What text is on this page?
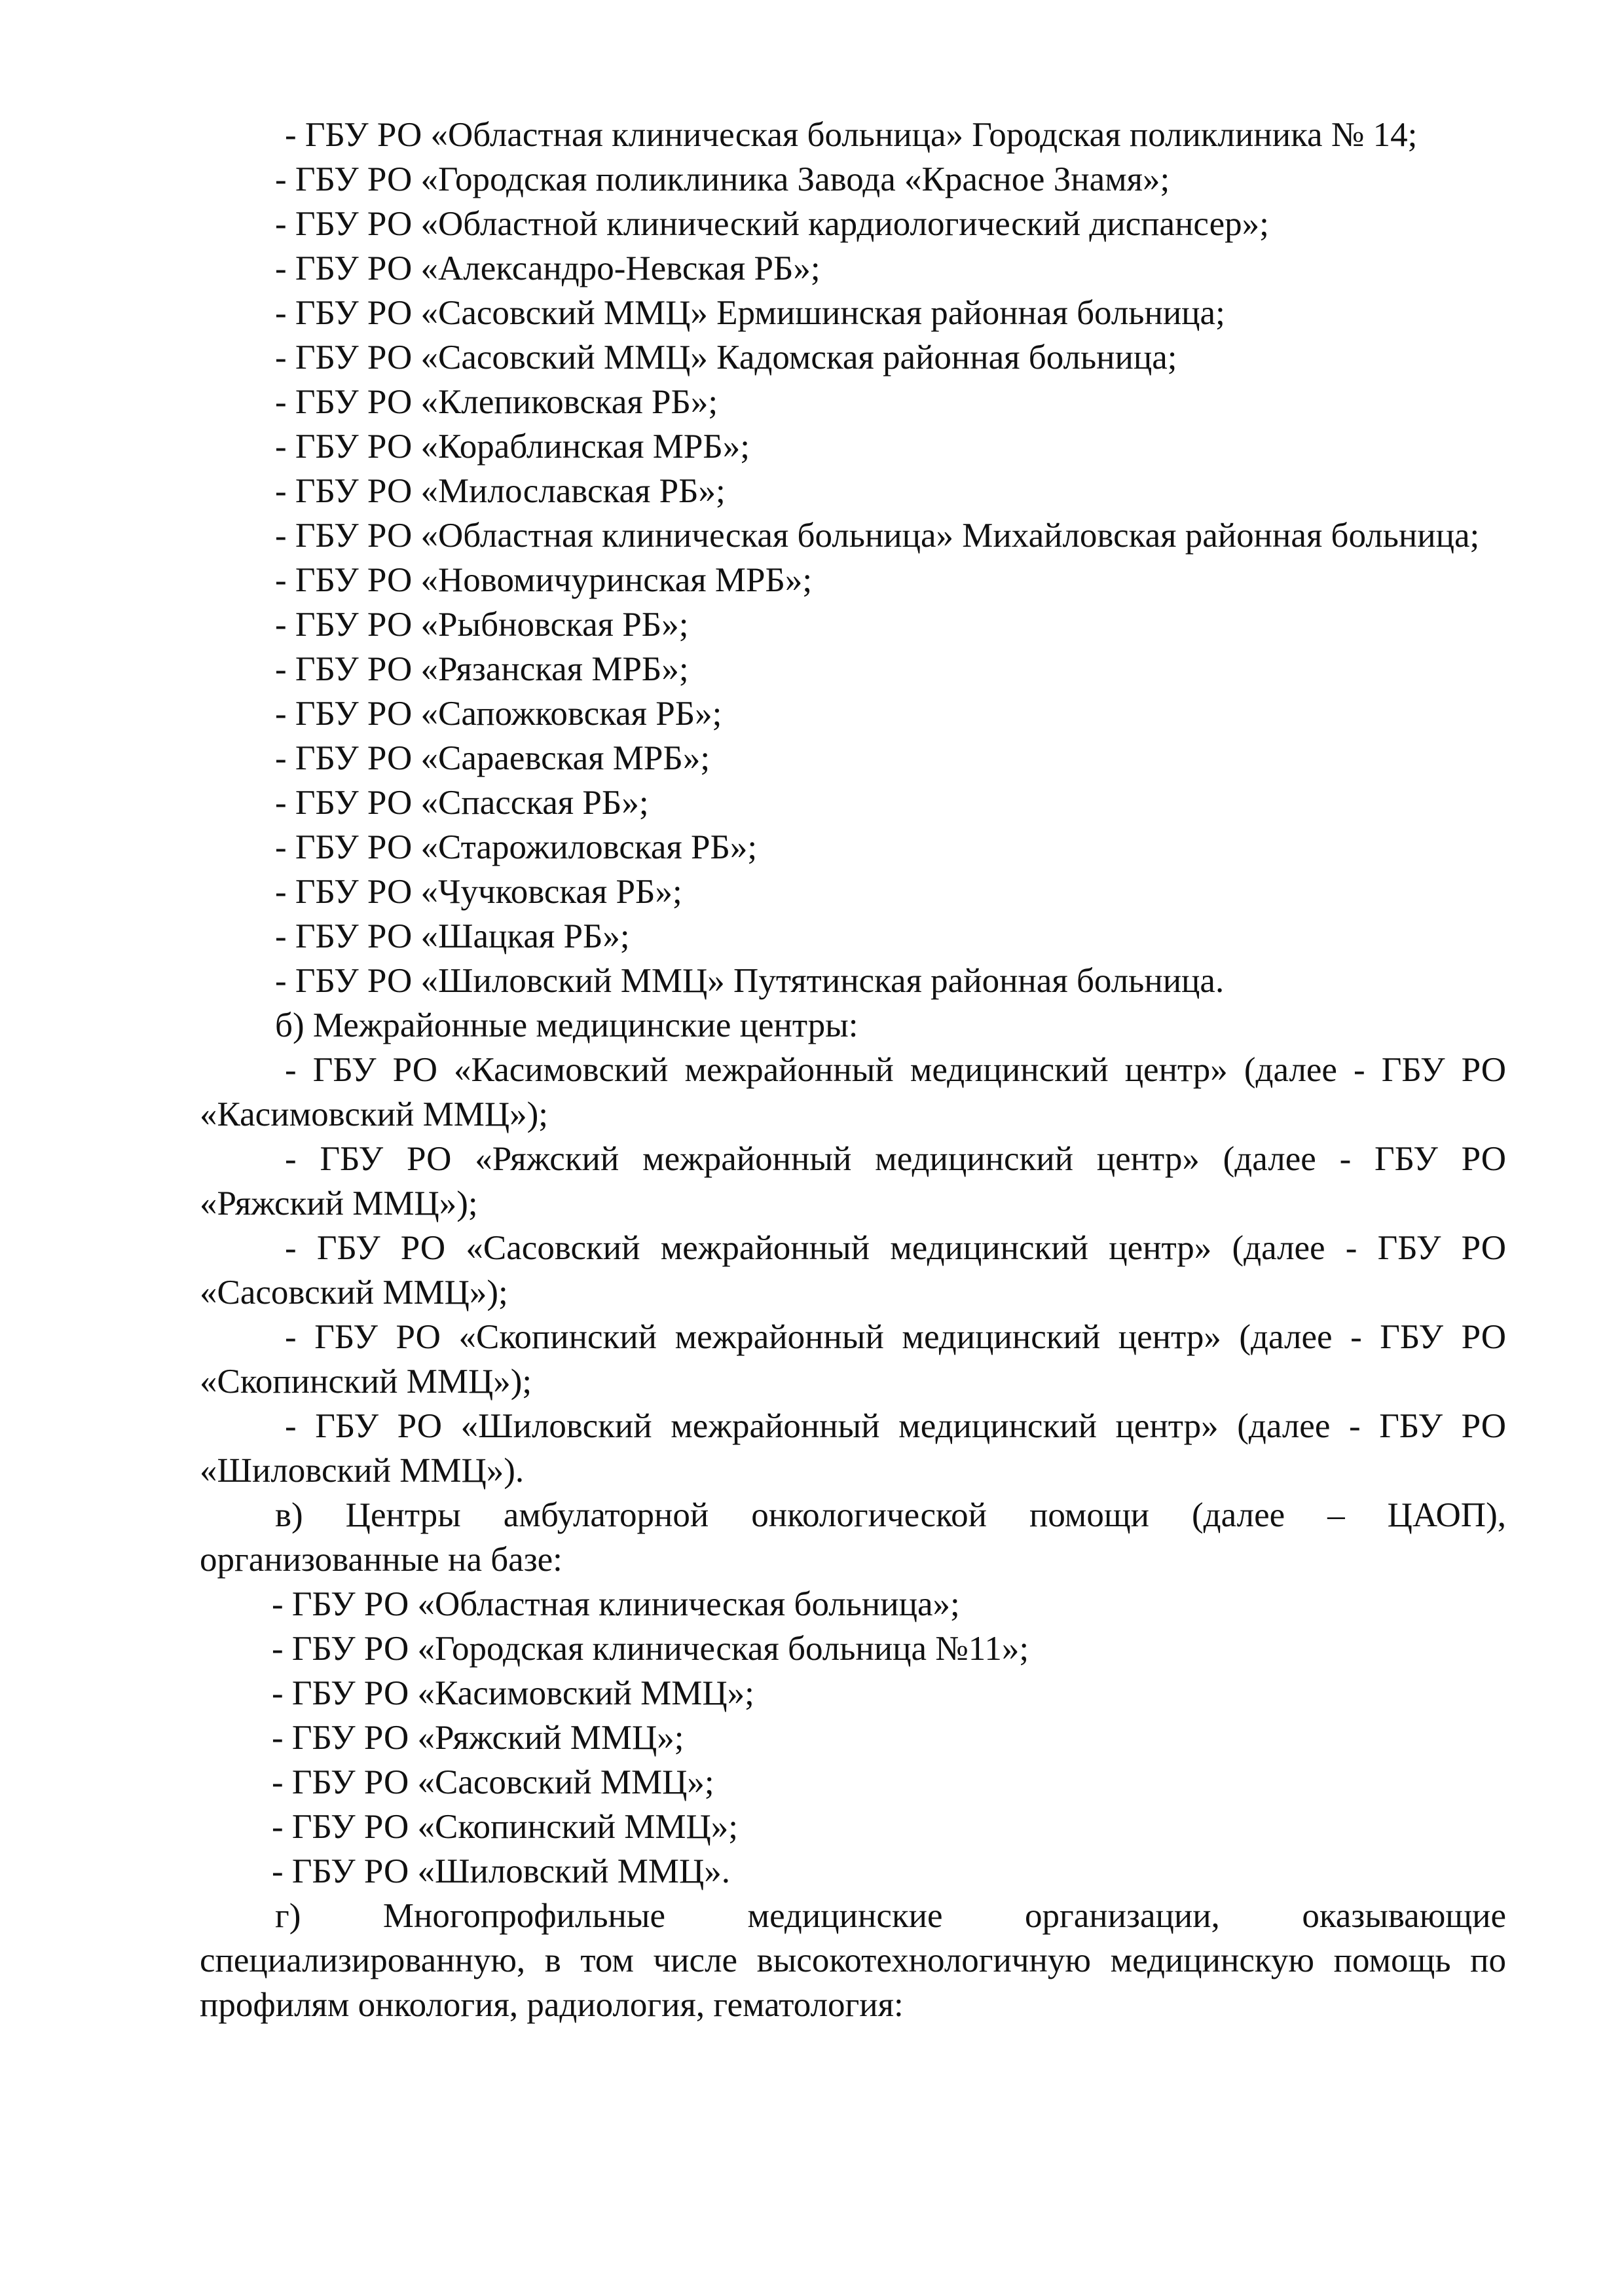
- ГБУ РО «Областная клиническая больница» Городская поликлиника № 14;

- ГБУ РО «Городская поликлиника Завода «Красное Знамя»;

- ГБУ РО «Областной клинический кардиологический диспансер»;

- ГБУ РО «Александро-Невская РБ»;

- ГБУ РО «Сасовский ММЦ» Ермишинская районная больница;

- ГБУ РО «Сасовский ММЦ» Кадомская районная больница;

- ГБУ РО «Клепиковская РБ»;

- ГБУ РО «Кораблинская МРБ»;

- ГБУ РО «Милославская РБ»;

- ГБУ РО «Областная клиническая больница» Михайловская районная больница;

- ГБУ РО «Новомичуринская МРБ»;

- ГБУ РО «Рыбновская РБ»;

- ГБУ РО «Рязанская МРБ»;

- ГБУ РО «Сапожковская РБ»;

- ГБУ РО «Сараевская МРБ»;

- ГБУ РО «Спасская РБ»;

- ГБУ РО «Старожиловская РБ»;

- ГБУ РО «Чучковская РБ»;

- ГБУ РО «Шацкая РБ»;

- ГБУ РО «Шиловский ММЦ» Путятинская районная больница.

б) Межрайонные медицинские центры:

- ГБУ РО «Касимовский межрайонный медицинский центр» (далее - ГБУ РО «Касимовский ММЦ»);

- ГБУ РО «Ряжский межрайонный медицинский центр» (далее - ГБУ РО «Ряжский ММЦ»);

- ГБУ РО «Сасовский межрайонный медицинский центр» (далее - ГБУ РО «Сасовский ММЦ»);

- ГБУ РО «Скопинский межрайонный медицинский центр» (далее - ГБУ РО «Скопинский ММЦ»);

- ГБУ РО «Шиловский межрайонный медицинский центр» (далее - ГБУ РО «Шиловский ММЦ»).

в) Центры амбулаторной онкологической помощи (далее – ЦАОП), организованные на базе:

- ГБУ РО «Областная клиническая больница»;

- ГБУ РО «Городская клиническая больница №11»;

- ГБУ РО «Касимовский ММЦ»;

- ГБУ РО «Ряжский ММЦ»;

- ГБУ РО «Сасовский ММЦ»;

- ГБУ РО «Скопинский ММЦ»;

- ГБУ РО «Шиловский ММЦ».

г) Многопрофильные медицинские организации, оказывающие специализированную, в том числе высокотехнологичную медицинскую помощь по профилям онкология, радиология, гематология:
